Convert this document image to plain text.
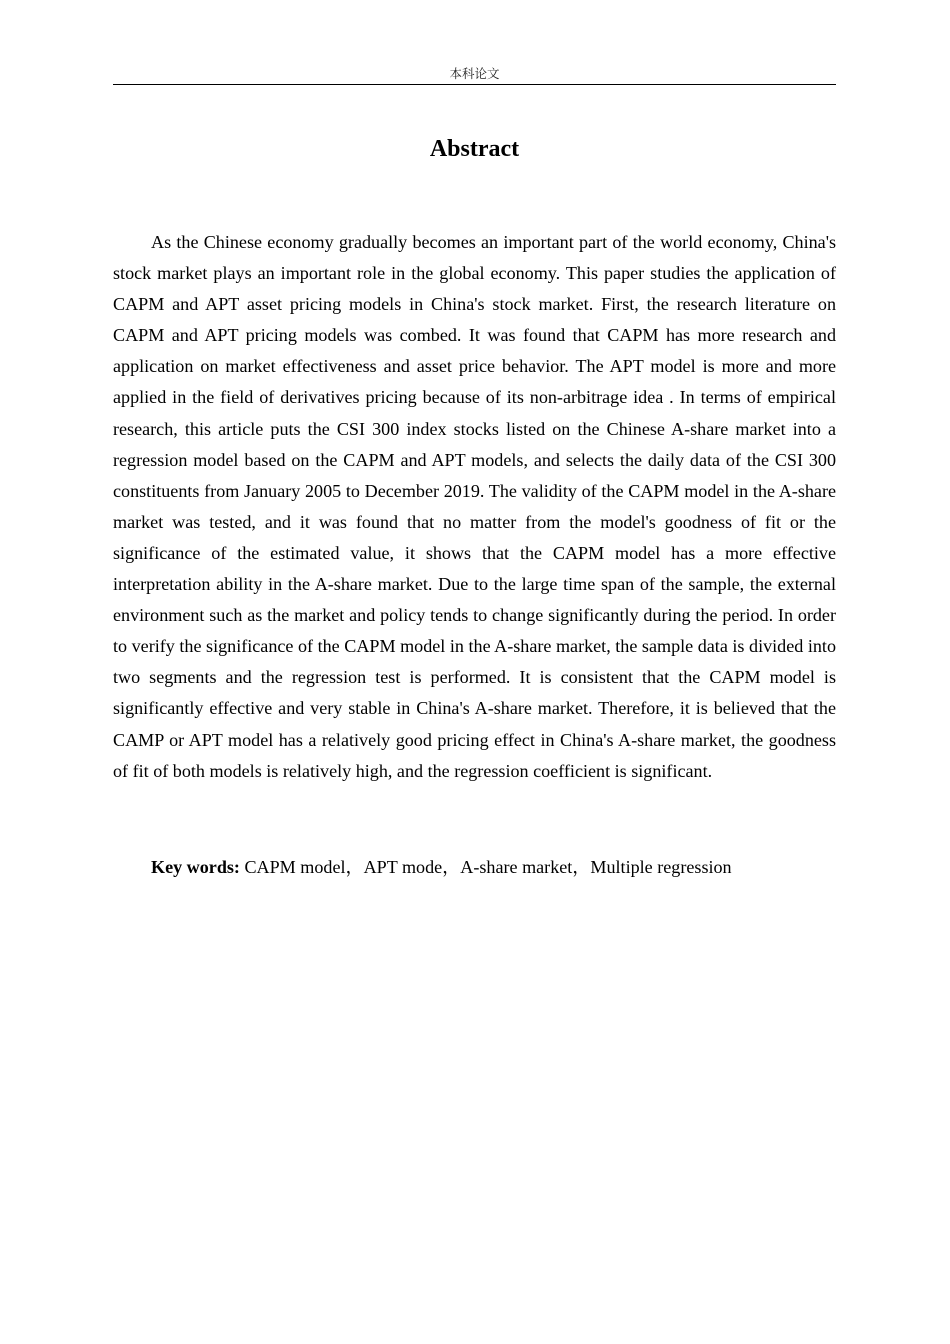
本科论文
Abstract

As the Chinese economy gradually becomes an important part of the world economy, China's stock market plays an important role in the global economy. This paper studies the application of CAPM and APT asset pricing models in China's stock market. First, the research literature on CAPM and APT pricing models was combed. It was found that CAPM has more research and application on market effectiveness and asset price behavior. The APT model is more and more applied in the field of derivatives pricing because of its non-arbitrage idea . In terms of empirical research, this article puts the CSI 300 index stocks listed on the Chinese A-share market into a regression model based on the CAPM and APT models, and selects the daily data of the CSI 300 constituents from January 2005 to December 2019. The validity of the CAPM model in the A-share market was tested, and it was found that no matter from the model's goodness of fit or the significance of the estimated value, it shows that the CAPM model has a more effective interpretation ability in the A-share market. Due to the large time span of the sample, the external environment such as the market and policy tends to change significantly during the period. In order to verify the significance of the CAPM model in the A-share market, the sample data is divided into two segments and the regression test is performed. It is consistent that the CAPM model is significantly effective and very stable in China's A-share market. Therefore, it is believed that the CAMP or APT model has a relatively good pricing effect in China's A-share market, the goodness of fit of both models is relatively high, and the regression coefficient is significant.

Key words: CAPM model，APT mode，A-share market，Multiple regression
